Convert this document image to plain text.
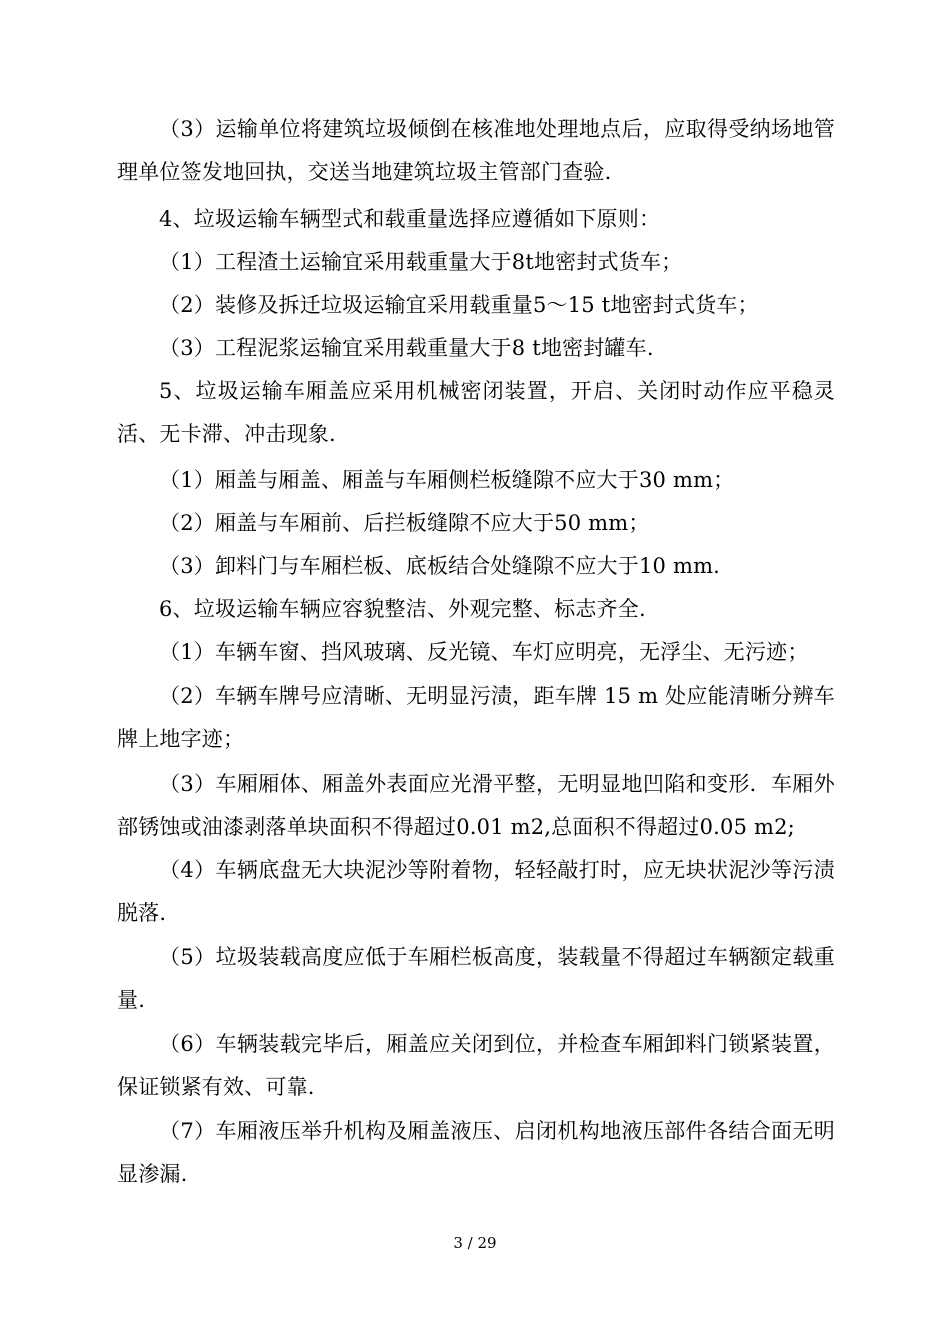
（3）运输单位将建筑垃圾倾倒在核准地处理地点后，应取得受纳场地管理单位签发地回执，交送当地建筑垃圾主管部门查验.

4、垃圾运输车辆型式和载重量选择应遵循如下原则：

（1）工程渣土运输宜采用载重量大于8t地密封式货车；

（2）装修及拆迁垃圾运输宜采用载重量5～15 t地密封式货车；

（3）工程泥浆运输宜采用载重量大于8 t地密封罐车.

5、垃圾运输车厢盖应采用机械密闭装置，开启、关闭时动作应平稳灵活、无卡滞、冲击现象.

（1）厢盖与厢盖、厢盖与车厢侧栏板缝隙不应大于30 mm；

（2）厢盖与车厢前、后拦板缝隙不应大于50 mm；

（3）卸料门与车厢栏板、底板结合处缝隙不应大于10 mm.

6、垃圾运输车辆应容貌整洁、外观完整、标志齐全.

（1）车辆车窗、挡风玻璃、反光镜、车灯应明亮，无浮尘、无污迹；

（2）车辆车牌号应清晰、无明显污渍，距车牌 15 m 处应能清晰分辨车牌上地字迹；

（3）车厢厢体、厢盖外表面应光滑平整，无明显地凹陷和变形．车厢外部锈蚀或油漆剥落单块面积不得超过0.01 m2,总面积不得超过0.05 m2;

（4）车辆底盘无大块泥沙等附着物，轻轻敲打时，应无块状泥沙等污渍脱落.

（5）垃圾装载高度应低于车厢栏板高度，装载量不得超过车辆额定载重量.

（6）车辆装载完毕后，厢盖应关闭到位，并检查车厢卸料门锁紧装置，保证锁紧有效、可靠.

（7）车厢液压举升机构及厢盖液压、启闭机构地液压部件各结合面无明显渗漏.

3 / 29
